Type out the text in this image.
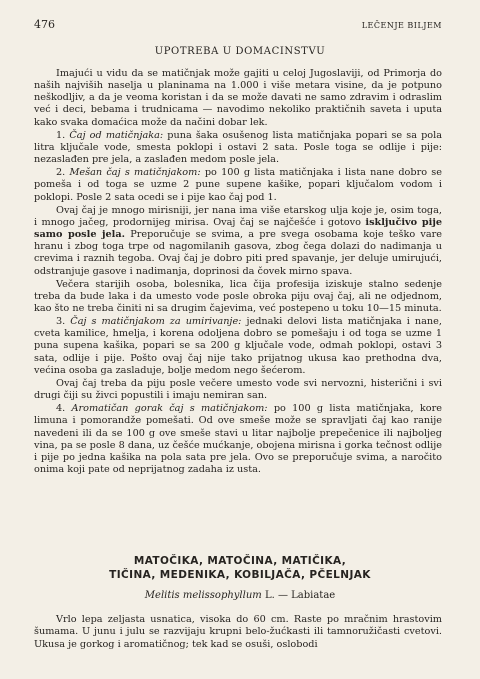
476	LEČENJE BILJEM
UPOTREBA U DOMACINSTVU

Imajući u vidu da se matičnjak može gajiti u celoj Jugoslaviji, od Primorja do naših najviših naselja u planinama na 1.000 i više metara visine, da je potpuno neškodljiv, a da je veoma koristan i da se može davati ne samo zdravim i odraslim već i deci, bebama i trudnicama — navodimo nekoliko praktičnih saveta i uputa kako svaka domaćica može da načini dobar lek.

1. Čaj od matičnjaka: puna šaka osušenog lista matičnjaka popari se sa pola litra ključale vode, smesta poklopi i ostavi 2 sata. Posle toga se odlije i pije: nezaslađen pre jela, a zaslađen medom posle jela.

2. Mešan čaj s matičnjakom: po 100 g lista matičnjaka i lista nane dobro se pomeša i od toga se uzme 2 pune supene kašike, popari ključalom vodom i poklopi. Posle 2 sata ocedi se i pije kao čaj pod 1.

Ovaj čaj je mnogo mirisniji, jer nana ima više etarskog ulja koje je, osim toga, i mnogo jačeg, prodornijeg mirisa. Ovaj čaj se najčešće i gotovo isključivo pije samo posle jela. Preporučuje se svima, a pre svega osobama koje teško vare hranu i zbog toga trpe od nagomilanih gasova, zbog čega dolazi do nadimanja u crevima i raznih tegoba. Ovaj čaj je dobro piti pred spavanje, jer deluje umirujući, odstranjuje gasove i nadimanja, doprinosi da čovek mirno spava.

Večera starijih osoba, bolesnika, lica čija profesija iziskuje stalno sedenje treba da bude laka i da umesto vode posle obroka piju ovaj čaj, ali ne odjednom, kao što ne treba činiti ni sa drugim čajevima, već postepeno u toku 10—15 minuta.

3. Čaj s matičnjakom za umirivanje: jednaki delovi lista matičnjaka i nane, cveta kamilice, hmelja, i korena odoljena dobro se pomešaju i od toga se uzme 1 puna supena kašika, popari se sa 200 g ključale vode, odmah poklopi, ostavi 3 sata, odlije i pije. Pošto ovaj čaj nije tako prijatnog ukusa kao prethodna dva, većina osoba ga zasladuje, bolje medom nego šećerom.

Ovaj čaj treba da piju posle večere umesto vode svi nervozni, histerični i svi drugi čiji su živci popustili i imaju nemiran san.

4. Aromatičan gorak čaj s matičnjakom: po 100 g lista matičnjaka, kore limuna i pomorandže pomešati. Od ove smeše može se spravljati čaj kao ranije navedeni ili da se 100 g ove smeše stavi u litar najbolje prepečenice ili najboljeg vina, pa se posle 8 dana, uz češće mućkanje, obojena mirisna i gorka tečnost odlije i pije po jedna kašika na pola sata pre jela. Ovo se preporučuje svima, a naročito onima koji pate od neprijatnog zadaha iz usta.

MATOČIKA, MATOČINA, MATIČIKA,
TIČINA, MEDENIKA, KOBILJAČA, PČELNJAK
Melitis melissophyllum L. — Labiatae

Vrlo lepa zeljasta usnatica, visoka do 60 cm. Raste po mračnim hrastovim šumama. U junu i julu se razvijaju krupni belo-žućkasti ili tamnoružičasti cvetovi. Ukusa je gorkog i aromatičnog; tek kad se osuši, oslobodi
